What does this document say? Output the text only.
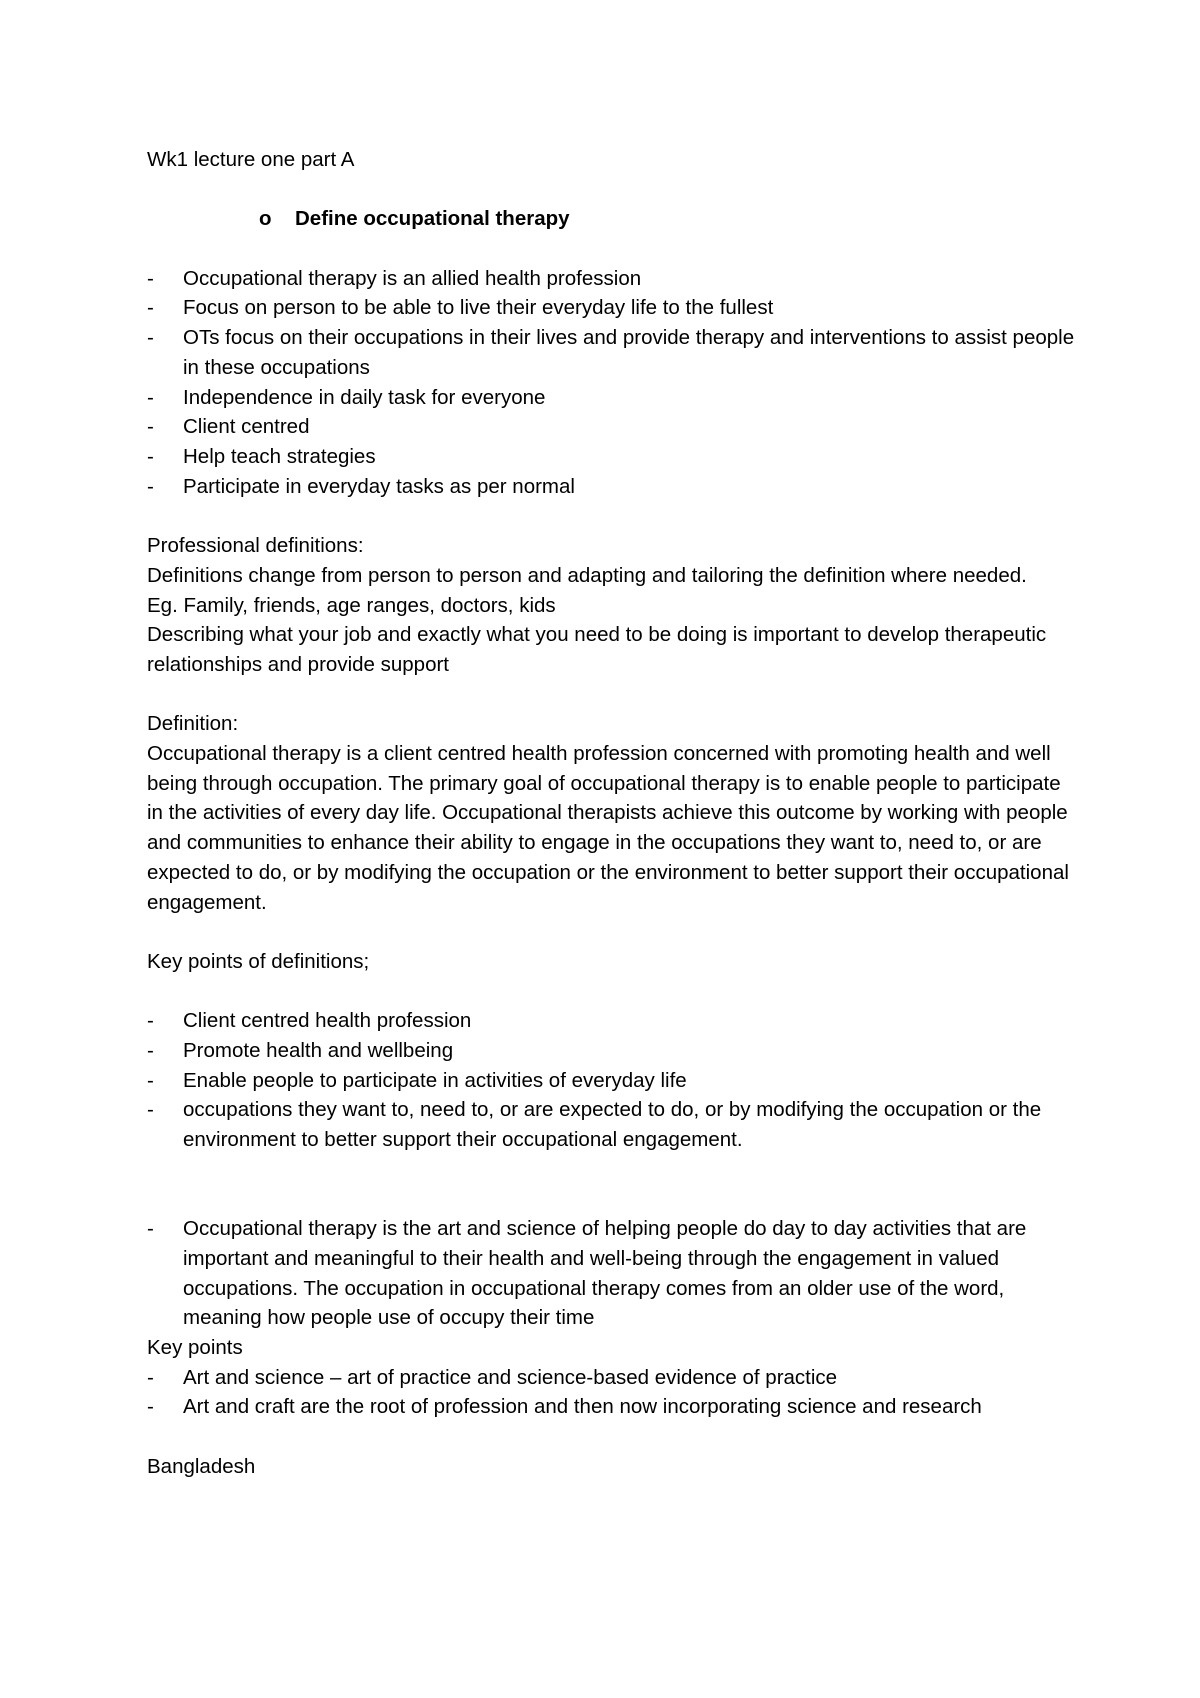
Wk1 lecture one part A

o	Define occupational therapy
-	Occupational therapy is an allied health profession
-	Focus on person to be able to live their everyday life to the fullest
-	OTs focus on their occupations in their lives and provide therapy and interventions to assist people in these occupations
-	Independence in daily task for everyone
-	Client centred
-	Help teach strategies
-	Participate in everyday tasks as per normal

Professional definitions:

Definitions change from person to person and adapting and tailoring the definition where needed.

Eg. Family, friends, age ranges, doctors, kids

Describing what your job and exactly what you need to be doing is important to develop therapeutic relationships and provide support

Definition:

Occupational therapy is a client centred health profession concerned with promoting health and well being through occupation. The primary goal of occupational therapy is to enable people to participate in the activities of every day life. Occupational therapists achieve this outcome by working with people and communities to enhance their ability to engage in the occupations they want to, need to, or are expected to do, or by modifying the occupation or the environment to better support their occupational engagement.

Key points of definitions;

-	Client centred health profession
-	Promote health and wellbeing
-	Enable people to participate in activities of everyday life
-	occupations they want to, need to, or are expected to do, or by modifying the occupation or the environment to better support their occupational engagement.
-	Occupational therapy is the art and science of helping people do day to day activities that are important and meaningful to their health and well-being through the engagement in valued occupations. The occupation in occupational therapy comes from an older use of the word, meaning how people use of occupy their time

Key points

-	Art and science – art of practice and science-based evidence of practice
-	Art and craft are the root of profession and then now incorporating science and research

Bangladesh
